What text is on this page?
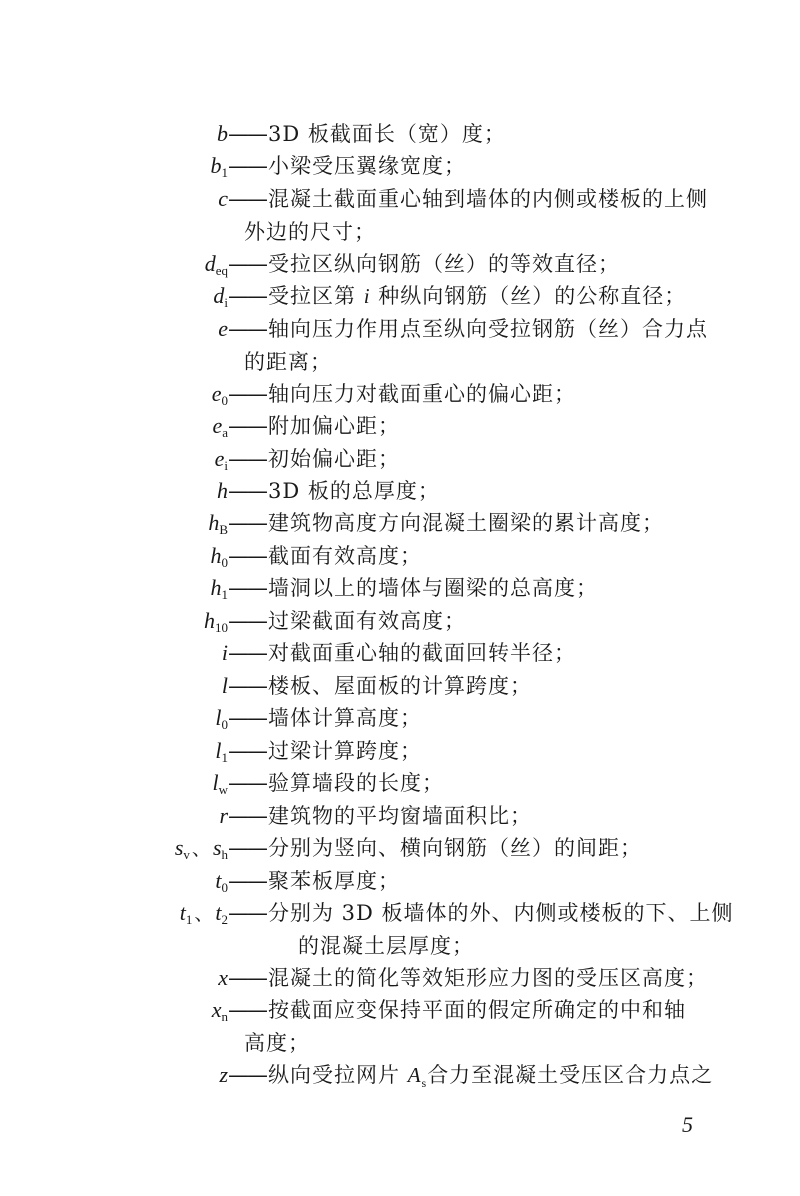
b ——3D 板截面长（宽）度；
$b_1$ ——小梁受压翼缘宽度；
c ——混凝土截面重心轴到墙体的内侧或楼板的上侧
外边的尺寸；
$d_{eq}$ ——受拉区纵向钢筋（丝）的等效直径；
$d_i$ ——受拉区第 i 种纵向钢筋（丝）的公称直径；
e ——轴向压力作用点至纵向受拉钢筋（丝）合力点
的距离；
$e_0$ ——轴向压力对截面重心的偏心距；
$e_a$ ——附加偏心距；
$e_i$ ——初始偏心距；
h ——3D 板的总厚度；
$h_B$ ——建筑物高度方向混凝土圈梁的累计高度；
$h_0$ ——截面有效高度；
$h_1$ ——墙洞以上的墙体与圈梁的总高度；
$h_{10}$ ——过梁截面有效高度；
i ——对截面重心轴的截面回转半径；
l ——楼板、屋面板的计算跨度；
$l_0$ ——墙体计算高度；
$l_1$ ——过梁计算跨度；
$l_w$ ——验算墙段的长度；
r ——建筑物的平均窗墙面积比；
$s_v$ 、$s_h$ ——分别为竖向、横向钢筋（丝）的间距；
$t_0$ ——聚苯板厚度；
$t_1$ 、$t_2$ ——分别为 3D 板墙体的外、内侧或楼板的下、上侧
的混凝土层厚度；
x ——混凝土的简化等效矩形应力图的受压区高度；
$x_n$ ——按截面应变保持平面的假定所确定的中和轴
高度；
z ——纵向受拉网片 $A_s$合力至混凝土受压区合力点之
5
